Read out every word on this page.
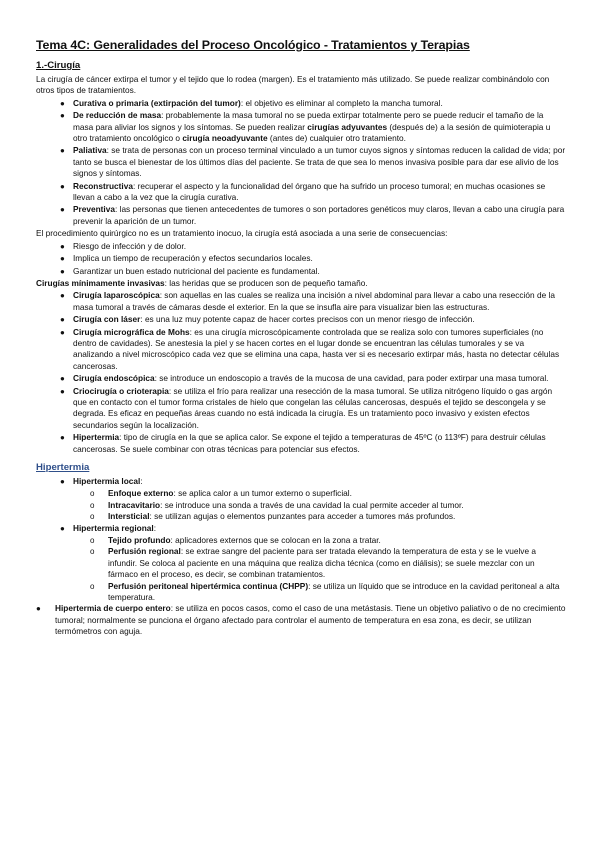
Tema 4C: Generalidades del Proceso Oncológico - Tratamientos y Terapias
1.-Cirugía

La cirugía de cáncer extirpa el tumor y el tejido que lo rodea (margen). Es el tratamiento más utilizado. Se puede realizar combinándolo con otros tipos de tratamientos.

● Curativa o primaria (extirpación del tumor): el objetivo es eliminar al completo la mancha tumoral.
● De reducción de masa: probablemente la masa tumoral no se pueda extirpar totalmente pero se puede reducir el tamaño de la masa para aliviar los signos y los síntomas. Se pueden realizar cirugías adyuvantes (después de) a la sesión de quimioterapia u otro tratamiento oncológico o cirugía neoadyuvante (antes de) cualquier otro tratamiento.
● Paliativa: se trata de personas con un proceso terminal vinculado a un tumor cuyos signos y síntomas reducen la calidad de vida; por tanto se busca el bienestar de los últimos días del paciente. Se trata de que sea lo menos invasiva posible para dar ese alivio de los signos y síntomas.
● Reconstructiva: recuperar el aspecto y la funcionalidad del órgano que ha sufrido un proceso tumoral; en muchas ocasiones se llevan a cabo a la vez que la cirugía curativa.
● Preventiva: las personas que tienen antecedentes de tumores o son portadores genéticos muy claros, llevan a cabo una cirugía para prevenir la aparición de un tumor.

El procedimiento quirúrgico no es un tratamiento inocuo, la cirugía está asociada a una serie de consecuencias:

● Riesgo de infección y de dolor.
● Implica un tiempo de recuperación y efectos secundarios locales.
● Garantizar un buen estado nutricional del paciente es fundamental.

Cirugías mínimamente invasivas: las heridas que se producen son de pequeño tamaño.

● Cirugía laparoscópica: son aquellas en las cuales se realiza una incisión a nivel abdominal para llevar a cabo una resección de la masa tumoral a través de cámaras desde el exterior. En la que se insufla aire para visualizar bien las estructuras.
● Cirugía con láser: es una luz muy potente capaz de hacer cortes precisos con un menor riesgo de infección.
● Cirugía micrográfica de Mohs: es una cirugía microscópicamente controlada que se realiza solo con tumores superficiales (no dentro de cavidades). Se anestesia la piel y se hacen cortes en el lugar donde se encuentran las células tumorales y se va analizando a nivel microscópico cada vez que se elimina una capa, hasta ver si es necesario extirpar más, hasta no detectar células cancerosas.
● Cirugía endoscópica: se introduce un endoscopio a través de la mucosa de una cavidad, para poder extirpar una masa tumoral.
● Criocirugía o crioterapia: se utiliza el frío para realizar una resección de la masa tumoral. Se utiliza nitrógeno líquido o gas argón que en contacto con el tumor forma cristales de hielo que congelan las células cancerosas, después el tejido se descongela y se degrada. Es eficaz en pequeñas áreas cuando no está indicada la cirugía. Es un tratamiento poco invasivo y existen efectos secundarios según la localización.
● Hipertermia: tipo de cirugía en la que se aplica calor. Se expone el tejido a temperaturas de 45ºC (o 113ºF) para destruir células cancerosas. Se suele combinar con otras técnicas para potenciar sus efectos.
Hipertermia
● Hipertermia local:
o Enfoque externo: se aplica calor a un tumor externo o superficial.
o Intracavitario: se introduce una sonda a través de una cavidad la cual permite acceder al tumor.
o Intersticial: se utilizan agujas o elementos punzantes para acceder a tumores más profundos.
● Hipertermia regional:
o Tejido profundo: aplicadores externos que se colocan en la zona a tratar.
o Perfusión regional: se extrae sangre del paciente para ser tratada elevando la temperatura de esta y se le vuelve a infundir. Se coloca al paciente en una máquina que realiza dicha técnica (como en diálisis); se suele mezclar con un fármaco en el proceso, es decir, se combinan tratamientos.
o Perfusión peritoneal hipertérmica continua (CHPP): se utiliza un líquido que se introduce en la cavidad peritoneal a alta temperatura.
● Hipertermia de cuerpo entero: se utiliza en pocos casos, como el caso de una metástasis. Tiene un objetivo paliativo o de no crecimiento tumoral; normalmente se punciona el órgano afectado para controlar el aumento de temperatura en esa zona, es decir, se utilizan termómetros con aguja.
